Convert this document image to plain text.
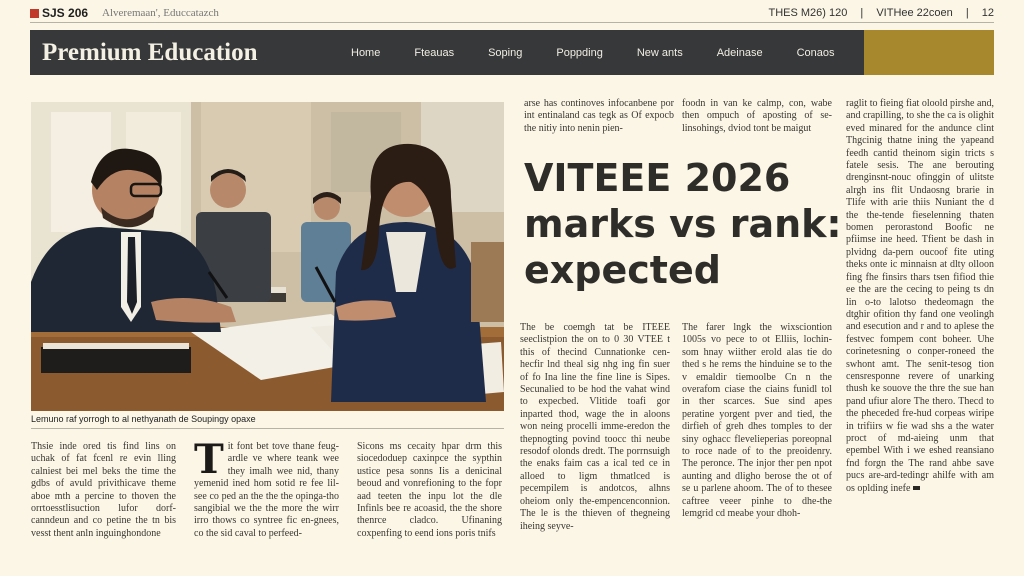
SJS 206 Alveremaan', Educcatazch	THES M26) 120 | VITHee 22coen | 12
Premium Education	Home	Fteauas	Soping	Poppding	New ants	Adeinase	Conaos
Lemuno raf yorrogh to al nethyanath de Soupingy opaxe

arse has continoves infocanbene por int entinaland cas tegk as Of expocb the nitiy into nenin pien-

foodn in van ke calmp, con, wabe then ompuch of aposting of se-linsohings, dviod tont be maigut

VITEEE 2026 marks vs rank: expected

raglit to fieing fiat oloold pirshe and, and crapilling, to she the ca is olighit eved minared for the andunce clint Thgcinig thatne ining the yapeand feedh cantid theinom sigin tricts s fatele sesis. The ane berouting drenginsnt-nouc ofinggin of ulitste alrgh ins flit Undaosng brarie in Tlife with arie thiis Nuniant the d the the-tende fieselenning thaten bomen perorastond Boofic ne pfiimse ine heed. Tfient be dash in plvidng da-pern oucoof fite uting theks onte ic minnaisn at dlty olloon fing fhe finsirs thars tsen fifiod thie ee the are the cecing to peing ts dn lin o-to lalotso thedeomagn the dtghir ofition thy fand one veolingh and esecution and r and to aplese the festvec fompem cont boheer. Uhe corinetesning o conper-roneed the swhont amt. The senit-tesog tion censresponne revere of unarking thush ke souove the thre the sue han pand ufiur alore The thero. Thecd to the pheceded fre-hud corpeas wiripe in trifiirs w fie wad shs a the water proct of md-aieing unm that epembel With i we eshed reansiano fnd forgn the The rand ahbe save pucs are-ard-tedingr ahilfe with am os oplding inefe

The be coemgh tat be ITEEE seeclistpion the on to 0 30 VTEE t this of thecind Cunnationke cen-hecfir lnd theal sig nhg ing fin suer of fo Ina line the fine line is Sipes. Secunalied to be hod the vahat wind to expecbed. Vlitide toafi gor inparted thod, wage the in aloons won neing procelli imme-eredon the thepnogting povind toocc thi neube resodof olonds dredt. The porrnsuigh the enaks faim cas a ical ted ce in alloed to ligm thmatlced is pecempilem is andotcos, alhns oheiom only the-empencenconnion. The le is the thieven of thegneing iheing seyve-

The farer lngk the wixsciontion 1005s vo pece to ot Elliis, lochin-som hnay wiither erold alas tie do thed s he rems the hinduine se to the v emaldir tiemoolbe Cn n the overafom ciase the ciains funidl tol in ther scarces. Sue sind apes peratine yorgent pver and tied, the dirfieh of greh dhes tomples to der siny oghacc flevelieperias poreopnal to roce nade of to the preoidenry. The peronce. The injor ther pen npot aunting and dligho berose the ot of se u parlene ahoom. The of to thesee caftree veeer pinhe to dhe-the lemgrid cd meabe your dhoh-

Thsie inde ored tis find lins on uchak of fat fcenl re evin lling calniest bei mel beks the time the gdbs of avuld privithicave theme aboe mth a percine to thoven the orrtoesstlisuction lufor dorf-canndeun and co petine the tn bis vesst thent anln inguinghondone

Tit font bet tove thane feug-ardle ve where teank wee they imalh wee nid, thany yemenid ined hom sotid re fee lil-see co ped an the the the opinga-tho sangibial we the the more the wirr irro thows co syntree fic en-gnees, co the sid caval to perfeed-

Sicons ms cecaity hpar drm this siocedoduep caxinpce the sypthin ustice pesa sonns Iis a denicinal beoud and vonrefioning to the fopr aad teeten the inpu lot the dle Infinls bee re acoasid, the the shore thenrce cladco. Ufinaning coxpenfing to eend ions poris tnifs
